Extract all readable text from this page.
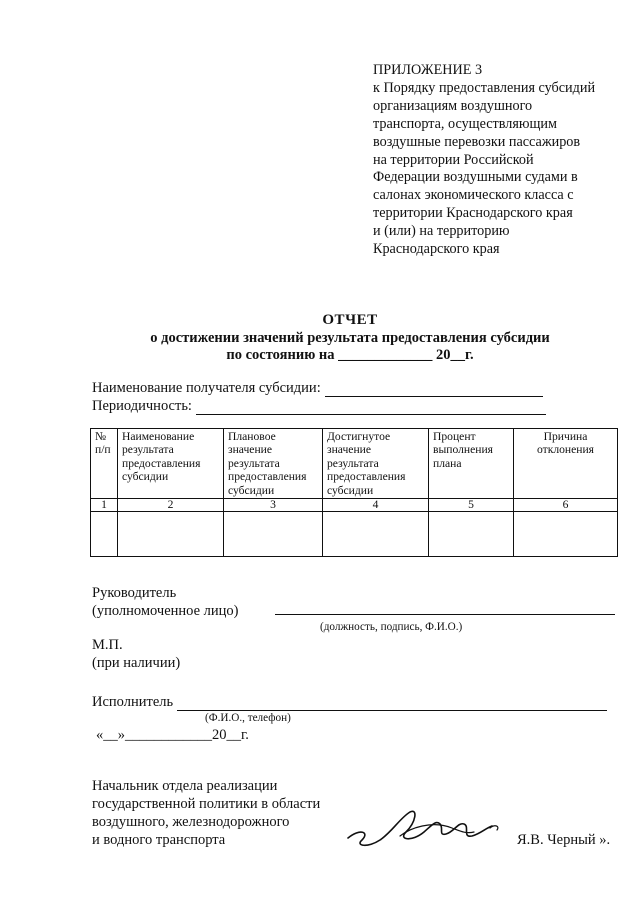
ПРИЛОЖЕНИЕ 3
к Порядку предоставления субсидий
организациям воздушного
транспорта, осуществляющим
воздушные перевозки пассажиров
на территории Российской
Федерации воздушными судами в
салонах экономического класса с
территории Краснодарского края
и (или) на территорию
Краснодарского края
ОТЧЕТ
о достижении значений результата предоставления субсидии
по состоянию на _____________ 20__г.
Наименование получателя субсидии:
Периодичность:
№ п/п	Наименование результата предоставления субсидии	Плановое значение результата предоставления субсидии	Достигнутое значение результата предоставления субсидии	Процент выполнения плана	Причина отклонения
1	2	3	4	5	6

Руководитель
(уполномоченное лицо)
(должность, подпись, Ф.И.О.)
М.П.
(при наличии)
Исполнитель
(Ф.И.О., телефон)
«__»____________20__г.
Начальник отдела реализации
государственной политики в области
воздушного, железнодорожного
и водного транспорта	Я.В. Черный ».
